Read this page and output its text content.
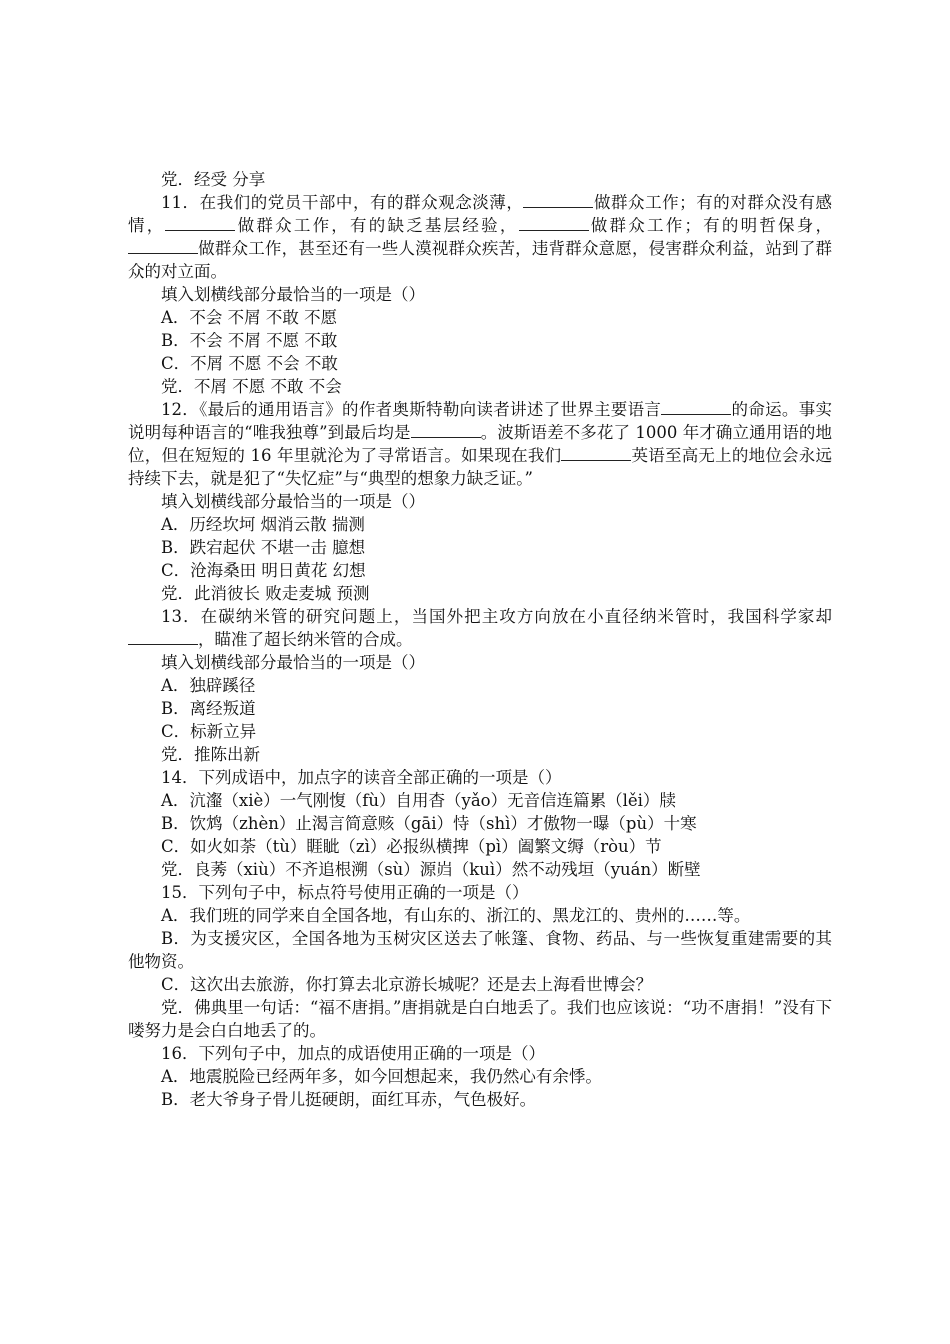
党．经受 分享

11．在我们的党员干部中，有的群众观念淡薄，	做群众工作；有的对群众没有感情，	做群众工作，有的缺乏基层经验，	做群众工作；有的明哲保身，做群众工作，甚至还有一些人漠视群众疾苦，违背群众意愿，侵害群众利益，站到了群众的对立面。

填入划横线部分最恰当的一项是（）

A．不会 不屑 不敢 不愿

B．不会 不屑 不愿 不敢

C．不屑 不愿 不会 不敢

党．不屑 不愿 不敢 不会

12．《最后的通用语言》的作者奥斯特勒向读者讲述了世界主要语言	的命运。事实说明每种语言的“唯我独尊”到最后均是	。波斯语差不多花了 1000 年才确立通用语的地位，但在短短的 16 年里就沦为了寻常语言。如果现在我们	英语至高无上的地位会永远持续下去，就是犯了“失忆症”与“典型的想象力缺乏证。”

填入划横线部分最恰当的一项是（）

A．历经坎坷 烟消云散 揣测

B．跌宕起伏 不堪一击 臆想

C．沧海桑田 明日黄花 幻想

党．此消彼长 败走麦城 预测

13．在碳纳米管的研究问题上，当国外把主攻方向放在小直径纳米管时，我国科学家却，瞄准了超长纳米管的合成。

填入划横线部分最恰当的一项是（）

A．独辟蹊径

B．离经叛道

C．标新立异

党．推陈出新

14．下列成语中，加点字的读音全部正确的一项是（）

A．沆瀣（xiè）一气刚愎（fù）自用杳（yǎo）无音信连篇累（lěi）牍

B．饮鸩（zhèn）止渴言简意赅（gāi）恃（shì）才傲物一曝（pù）十寒

C．如火如荼（tù）睚眦（zì）必报纵横捭（pì）阖繁文缛（ròu）节

党．良莠（xiù）不齐追根溯（sù）源岿（kuì）然不动残垣（yuán）断壁

15．下列句子中，标点符号使用正确的一项是（）

A．我们班的同学来自全国各地，有山东的、浙江的、黑龙江的、贵州的……等。

B．为支援灾区，全国各地为玉树灾区送去了帐篷、食物、药品、与一些恢复重建需要的其他物资。

C．这次出去旅游，你打算去北京游长城呢？还是去上海看世博会？

党．佛典里一句话：“福不唐捐。”唐捐就是白白地丢了。我们也应该说：“功不唐捐！”没有下喽努力是会白白地丢了的。

16．下列句子中，加点的成语使用正确的一项是（）

A．地震脱险已经两年多，如今回想起来，我仍然心有余悸。

B．老大爷身子骨儿挺硬朗，面红耳赤，气色极好。
